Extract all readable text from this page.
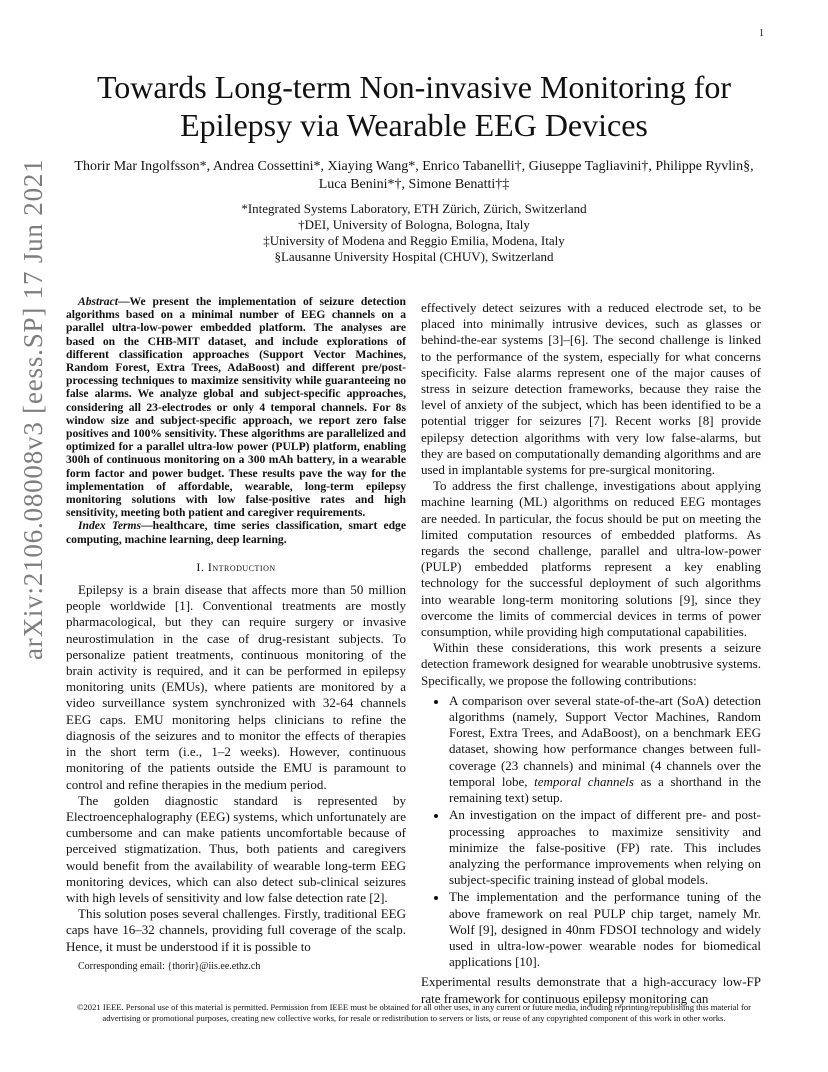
1
arXiv:2106.08008v3 [eess.SP] 17 Jun 2021
Towards Long-term Non-invasive Monitoring for Epilepsy via Wearable EEG Devices
Thorir Mar Ingolfsson*, Andrea Cossettini*, Xiaying Wang*, Enrico Tabanelli†, Giuseppe Tagliavini†, Philippe Ryvlin§, Luca Benini*†, Simone Benatti†‡
*Integrated Systems Laboratory, ETH Zürich, Zürich, Switzerland
†DEI, University of Bologna, Bologna, Italy
‡University of Modena and Reggio Emilia, Modena, Italy
§Lausanne University Hospital (CHUV), Switzerland

Abstract—We present the implementation of seizure detection algorithms based on a minimal number of EEG channels on a parallel ultra-low-power embedded platform. The analyses are based on the CHB-MIT dataset, and include explorations of different classification approaches (Support Vector Machines, Random Forest, Extra Trees, AdaBoost) and different pre/post-processing techniques to maximize sensitivity while guaranteeing no false alarms. We analyze global and subject-specific approaches, considering all 23-electrodes or only 4 temporal channels. For 8s window size and subject-specific approach, we report zero false positives and 100% sensitivity. These algorithms are parallelized and optimized for a parallel ultra-low power (PULP) platform, enabling 300h of continuous monitoring on a 300 mAh battery, in a wearable form factor and power budget. These results pave the way for the implementation of affordable, wearable, long-term epilepsy monitoring solutions with low false-positive rates and high sensitivity, meeting both patient and caregiver requirements.

Index Terms—healthcare, time series classification, smart edge computing, machine learning, deep learning.

I. Introduction

Epilepsy is a brain disease that affects more than 50 million people worldwide [1]. Conventional treatments are mostly pharmacological, but they can require surgery or invasive neurostimulation in the case of drug-resistant subjects. To personalize patient treatments, continuous monitoring of the brain activity is required, and it can be performed in epilepsy monitoring units (EMUs), where patients are monitored by a video surveillance system synchronized with 32-64 channels EEG caps. EMU monitoring helps clinicians to refine the diagnosis of the seizures and to monitor the effects of therapies in the short term (i.e., 1–2 weeks). However, continuous monitoring of the patients outside the EMU is paramount to control and refine therapies in the medium period.

The golden diagnostic standard is represented by Electroencephalography (EEG) systems, which unfortunately are cumbersome and can make patients uncomfortable because of perceived stigmatization. Thus, both patients and caregivers would benefit from the availability of wearable long-term EEG monitoring devices, which can also detect sub-clinical seizures with high levels of sensitivity and low false detection rate [2].

This solution poses several challenges. Firstly, traditional EEG caps have 16–32 channels, providing full coverage of the scalp. Hence, it must be understood if it is possible to

effectively detect seizures with a reduced electrode set, to be placed into minimally intrusive devices, such as glasses or behind-the-ear systems [3]–[6]. The second challenge is linked to the performance of the system, especially for what concerns specificity. False alarms represent one of the major causes of stress in seizure detection frameworks, because they raise the level of anxiety of the subject, which has been identified to be a potential trigger for seizures [7]. Recent works [8] provide epilepsy detection algorithms with very low false-alarms, but they are based on computationally demanding algorithms and are used in implantable systems for pre-surgical monitoring.

To address the first challenge, investigations about applying machine learning (ML) algorithms on reduced EEG montages are needed. In particular, the focus should be put on meeting the limited computation resources of embedded platforms. As regards the second challenge, parallel and ultra-low-power (PULP) embedded platforms represent a key enabling technology for the successful deployment of such algorithms into wearable long-term monitoring solutions [9], since they overcome the limits of commercial devices in terms of power consumption, while providing high computational capabilities.

Within these considerations, this work presents a seizure detection framework designed for wearable unobtrusive systems. Specifically, we propose the following contributions:

A comparison over several state-of-the-art (SoA) detection algorithms (namely, Support Vector Machines, Random Forest, Extra Trees, and AdaBoost), on a benchmark EEG dataset, showing how performance changes between full-coverage (23 channels) and minimal (4 channels over the temporal lobe, temporal channels as a shorthand in the remaining text) setup.
An investigation on the impact of different pre- and post-processing approaches to maximize sensitivity and minimize the false-positive (FP) rate. This includes analyzing the performance improvements when relying on subject-specific training instead of global models.
The implementation and the performance tuning of the above framework on real PULP chip target, namely Mr. Wolf [9], designed in 40nm FDSOI technology and widely used in ultra-low-power wearable nodes for biomedical applications [10].

Experimental results demonstrate that a high-accuracy low-FP rate framework for continuous epilepsy monitoring can

Corresponding email: {thorir}@iis.ee.ethz.ch
©2021 IEEE. Personal use of this material is permitted. Permission from IEEE must be obtained for all other uses, in any current or future media, including reprinting/republishing this material for advertising or promotional purposes, creating new collective works, for resale or redistribution to servers or lists, or reuse of any copyrighted component of this work in other works.
